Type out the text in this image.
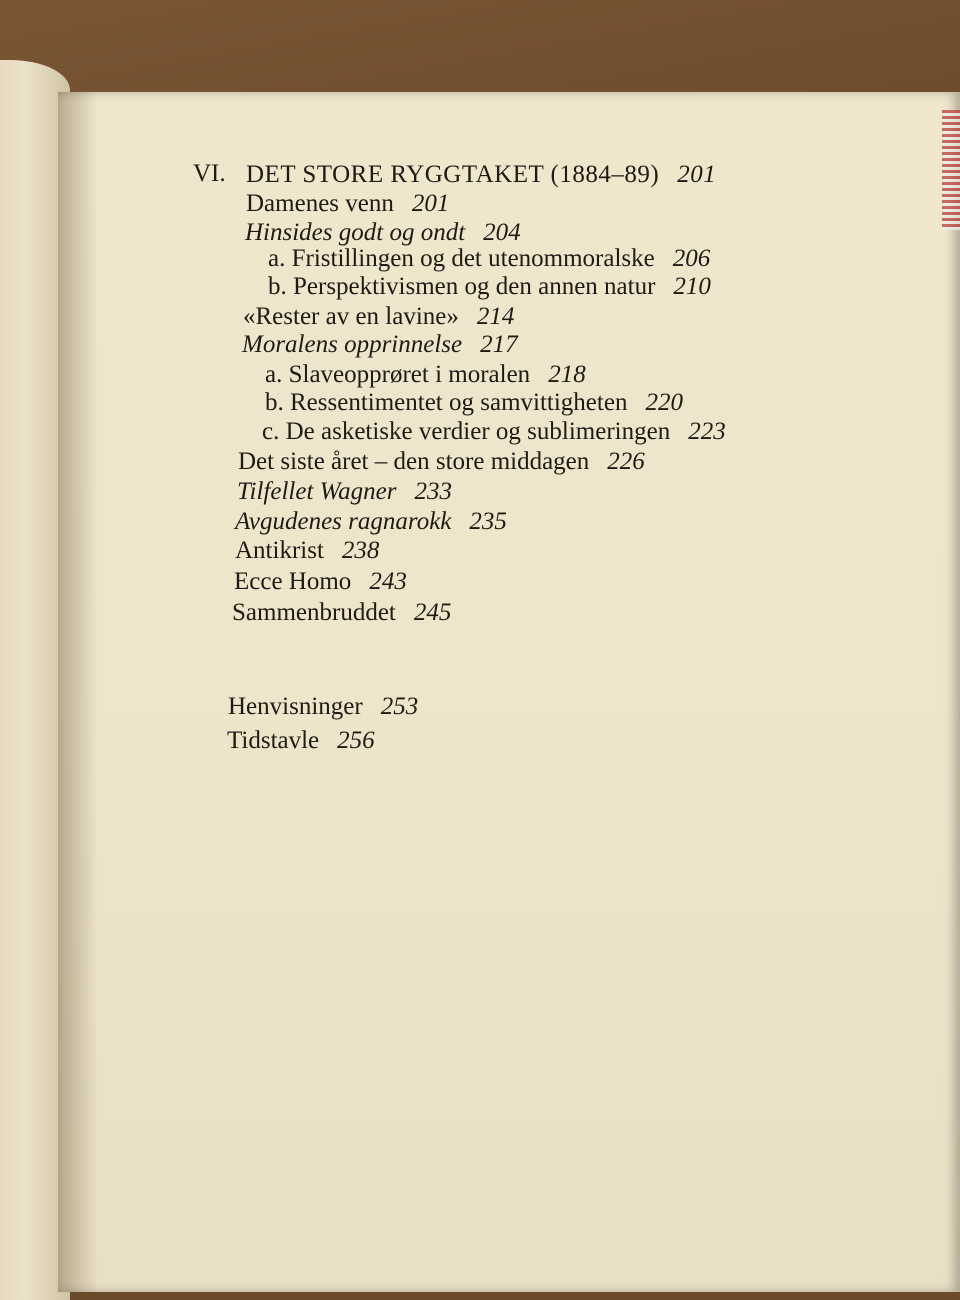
VI. DET STORE RYGGTAKET (1884–89) 201
Damenes venn 201
Hinsides godt og ondt 204
a. Fristillingen og det utenommoralske 206
b. Perspektivismen og den annen natur 210
«Rester av en lavine» 214
Moralens opprinnelse 217
a. Slaveopprøret i moralen 218
b. Ressentimentet og samvittigheten 220
c. De asketiske verdier og sublimeringen 223
Det siste året – den store middagen 226
Tilfellet Wagner 233
Avgudenes ragnarokk 235
Antikrist 238
Ecce Homo 243
Sammenbruddet 245
Henvisninger 253
Tidstavle 256
